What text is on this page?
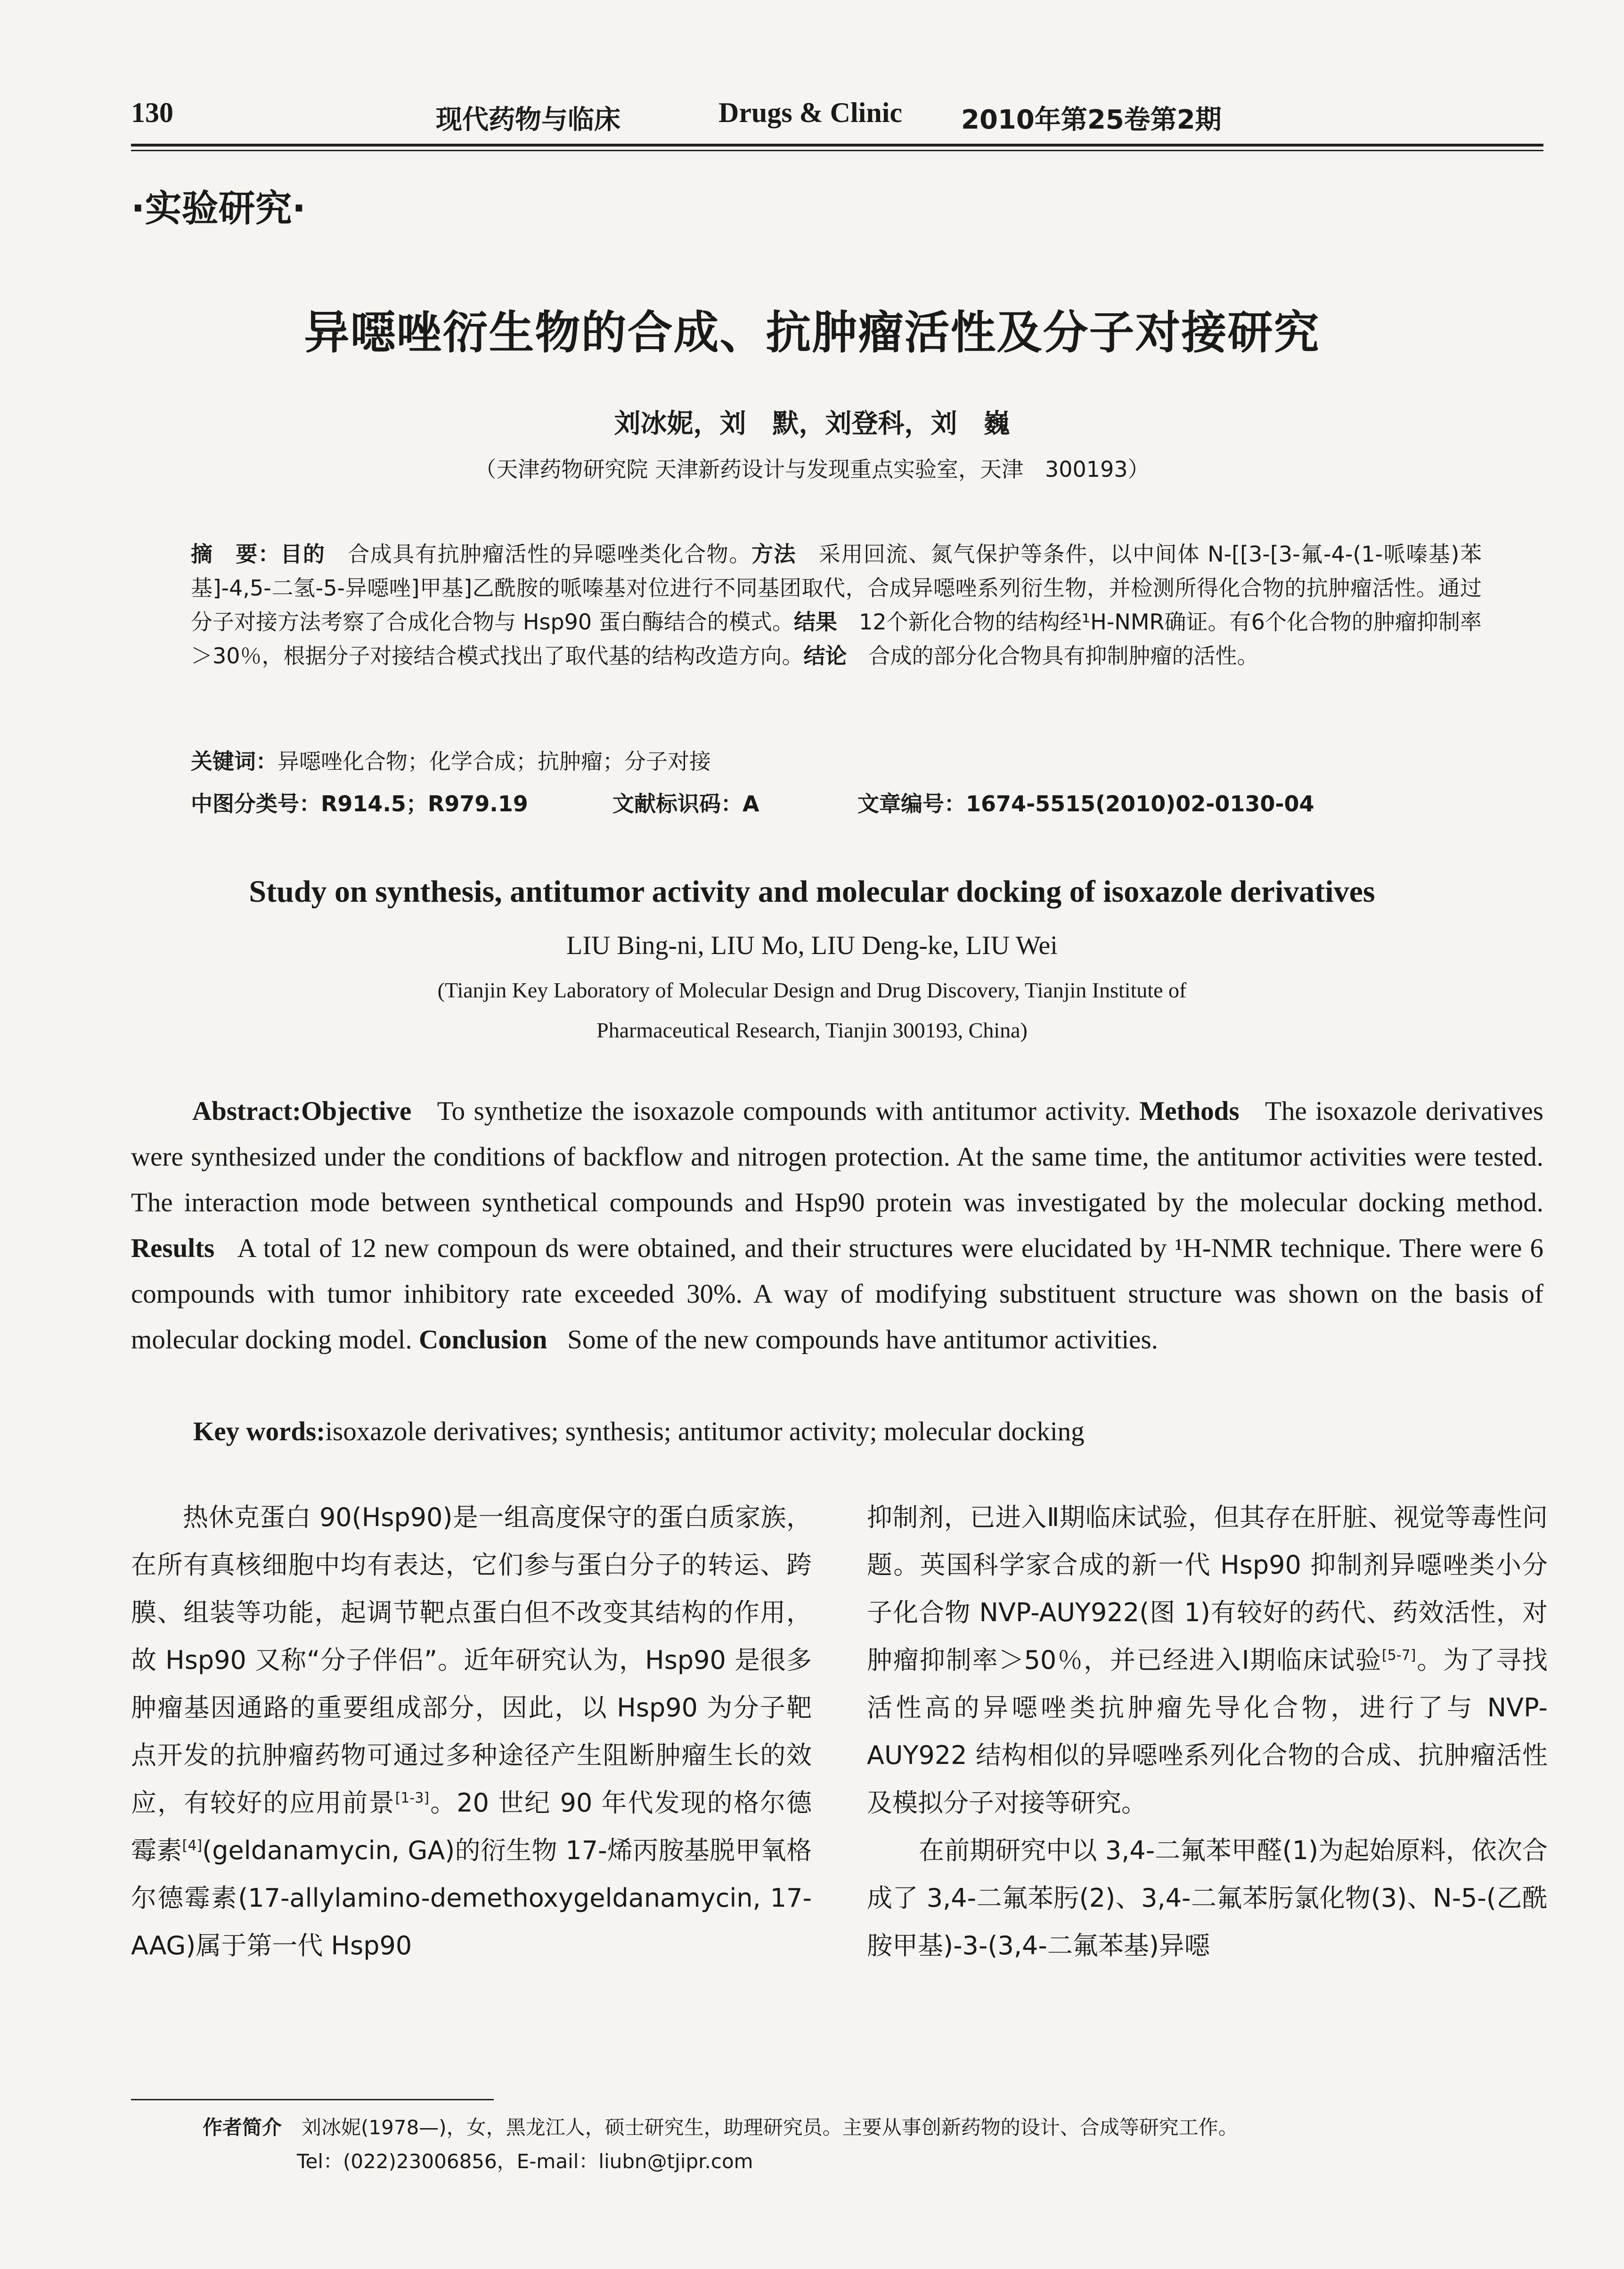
130	现代药物与临床	Drugs & Clinic 2010年第25卷第2期
·实验研究·
异噁唑衍生物的合成、抗肿瘤活性及分子对接研究
刘冰妮，刘　默，刘登科，刘　巍
（天津药物研究院 天津新药设计与发现重点实验室，天津　300193）
摘　要：目的　 合成具有抗肿瘤活性的异噁唑类化合物。方法　 采用回流、氮气保护等条件，以中间体 N-[[3-[3-氟-4-(1-哌嗪基)苯基]-4,5-二氢-5-异噁唑]甲基]乙酰胺的哌嗪基对位进行不同基团取代，合成异噁唑系列衍生物，并检测所得化合物的抗肿瘤活性。通过分子对接方法考察了合成化合物与 Hsp90 蛋白酶结合的模式。结果　 12个新化合物的结构经¹H-NMR确证。有6个化合物的肿瘤抑制率＞30％，根据分子对接结合模式找出了取代基的结构改造方向。结论　 合成的部分化合物具有抑制肿瘤的活性。
关键词：异噁唑化合物；化学合成；抗肿瘤；分子对接
中图分类号：R914.5；R979.19	文献标识码：A	文章编号：1674-5515(2010)02-0130-04
Study on synthesis, antitumor activity and molecular docking of isoxazole derivatives
LIU Bing-ni, LIU Mo, LIU Deng-ke, LIU Wei
(Tianjin Key Laboratory of Molecular Design and Drug Discovery, Tianjin Institute of
Pharmaceutical Research, Tianjin 300193, China)
Abstract:Objective To synthetize the isoxazole compounds with antitumor activity. Methods The isoxazole derivatives were synthesized under the conditions of backflow and nitrogen protection. At the same time, the antitumor activities were tested. The interaction mode between synthetical compounds and Hsp90 protein was investigated by the molecular docking method. Results A total of 12 new compoun ds were obtained, and their structures were elucidated by ¹H-NMR technique. There were 6 compounds with tumor inhibitory rate exceeded 30%. A way of modifying substituent structure was shown on the basis of molecular docking model. Conclusion Some of the new compounds have antitumor activities.
Key words:isoxazole derivatives; synthesis; antitumor activity; molecular docking

热休克蛋白 90(Hsp90)是一组高度保守的蛋白质家族，在所有真核细胞中均有表达，它们参与蛋白分子的转运、跨膜、组装等功能，起调节靶点蛋白但不改变其结构的作用，故 Hsp90 又称“分子伴侣”。近年研究认为，Hsp90 是很多肿瘤基因通路的重要组成部分，因此，以 Hsp90 为分子靶点开发的抗肿瘤药物可通过多种途径产生阻断肿瘤生长的效应，有较好的应用前景[1-3]。20 世纪 90 年代发现的格尔德霉素[4](geldanamycin, GA)的衍生物 17-烯丙胺基脱甲氧格尔德霉素(17-allylamino-demethoxygeldanamycin, 17-AAG)属于第一代 Hsp90

抑制剂，已进入Ⅱ期临床试验，但其存在肝脏、视觉等毒性问题。英国科学家合成的新一代 Hsp90 抑制剂异噁唑类小分子化合物 NVP-AUY922(图 1)有较好的药代、药效活性，对肿瘤抑制率＞50％，并已经进入Ⅰ期临床试验[5-7]。为了寻找活性高的异噁唑类抗肿瘤先导化合物，进行了与 NVP-AUY922 结构相似的异噁唑系列化合物的合成、抗肿瘤活性及模拟分子对接等研究。

在前期研究中以 3,4-二氟苯甲醛(1)为起始原料，依次合成了 3,4-二氟苯肟(2)、3,4-二氟苯肟氯化物(3)、N-5-(乙酰胺甲基)-3-(3,4-二氟苯基)异噁

作者简介　 刘冰妮(1978—)，女，黑龙江人，硕士研究生，助理研究员。主要从事创新药物的设计、合成等研究工作。
Tel：(022)23006856，E-mail：liubn@tjipr.com
